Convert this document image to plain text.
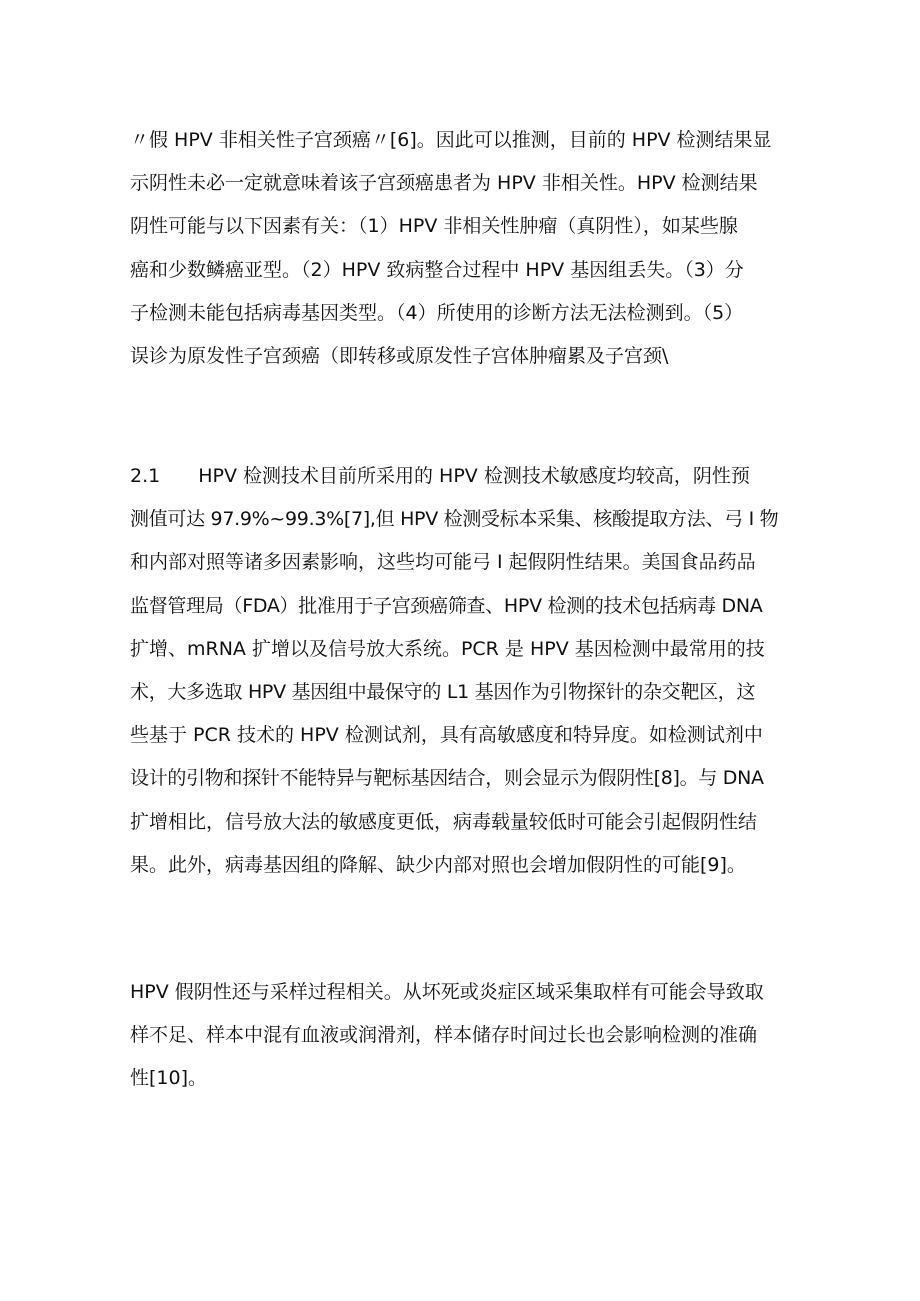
〃假 HPV 非相关性子宫颈癌〃[6]。因此可以推测，目前的 HPV 检测结果显
示阴性未必一定就意味着该子宫颈癌患者为 HPV 非相关性。HPV 检测结果
阴性可能与以下因素有关：（1）HPV 非相关性肿瘤（真阴性），如某些腺
癌和少数鳞癌亚型。（2）HPV 致病整合过程中 HPV 基因组丢失。（3）分
子检测未能包括病毒基因类型。（4）所使用的诊断方法无法检测到。（5）
误诊为原发性子宫颈癌（即转移或原发性子宫体肿瘤累及子宫颈\
2.1　　HPV 检测技术目前所采用的 HPV 检测技术敏感度均较高，阴性预
测值可达 97.9%~99.3%[7],但 HPV 检测受标本采集、核酸提取方法、弓 I 物
和内部对照等诸多因素影响，这些均可能弓 I 起假阴性结果。美国食品药品
监督管理局（FDA）批准用于子宫颈癌筛查、HPV 检测的技术包括病毒 DNA
扩增、mRNA 扩增以及信号放大系统。PCR 是 HPV 基因检测中最常用的技
术，大多选取 HPV 基因组中最保守的 L1 基因作为引物探针的杂交靶区，这
些基于 PCR 技术的 HPV 检测试剂，具有高敏感度和特异度。如检测试剂中
设计的引物和探针不能特异与靶标基因结合，则会显示为假阴性[8]。与 DNA
扩增相比，信号放大法的敏感度更低，病毒载量较低时可能会引起假阴性结
果。此外，病毒基因组的降解、缺少内部对照也会增加假阴性的可能[9]。
HPV 假阴性还与采样过程相关。从坏死或炎症区域采集取样有可能会导致取
样不足、样本中混有血液或润滑剂，样本储存时间过长也会影响检测的准确
性[10]。
